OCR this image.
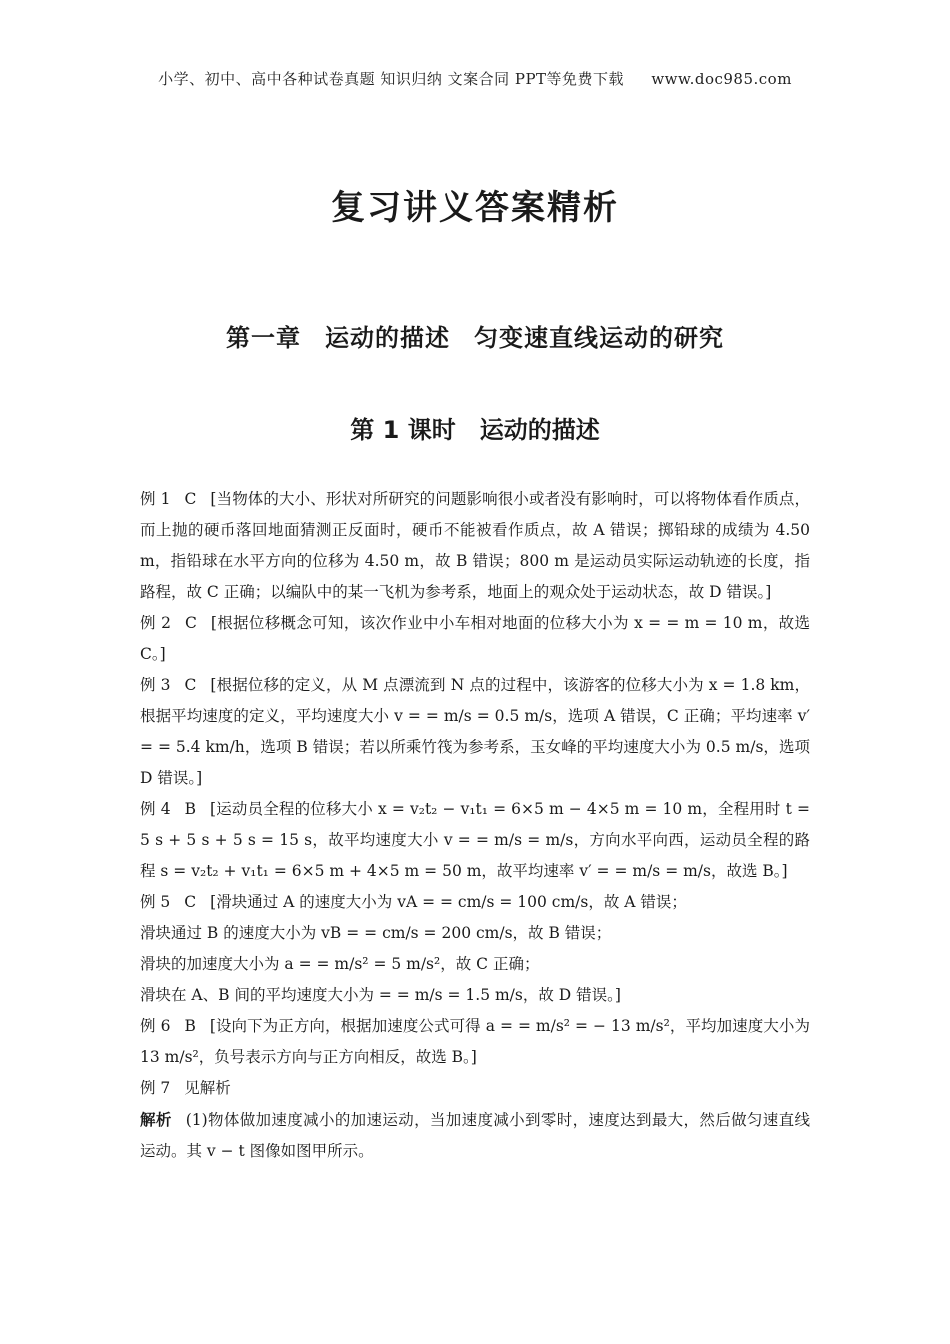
小学、初中、高中各种试卷真题 知识归纳 文案合同 PPT等免费下载 www.doc985.com
复习讲义答案精析
第一章 运动的描述 匀变速直线运动的研究
第 1 课时 运动的描述

例 1 C [当物体的大小、形状对所研究的问题影响很小或者没有影响时，可以将物体看作质点，而上抛的硬币落回地面猜测正反面时，硬币不能被看作质点，故 A 错误；掷铅球的成绩为 4.50 m，指铅球在水平方向的位移为 4.50 m，故 B 错误；800 m 是运动员实际运动轨迹的长度，指路程，故 C 正确；以编队中的某一飞机为参考系，地面上的观众处于运动状态，故 D 错误。]

例 2 C [根据位移概念可知，该次作业中小车相对地面的位移大小为 x = = m = 10 m，故选 C。]

例 3 C [根据位移的定义，从 M 点漂流到 N 点的过程中，该游客的位移大小为 x = 1.8 km，根据平均速度的定义，平均速度大小 v = = m/s = 0.5 m/s，选项 A 错误，C 正确；平均速率 v′ = = 5.4 km/h，选项 B 错误；若以所乘竹筏为参考系，玉女峰的平均速度大小为 0.5 m/s，选项 D 错误。]

例 4 B [运动员全程的位移大小 x = v₂t₂ − v₁t₁ = 6×5 m − 4×5 m = 10 m，全程用时 t = 5 s + 5 s + 5 s = 15 s，故平均速度大小 v = = m/s = m/s，方向水平向西，运动员全程的路程 s = v₂t₂ + v₁t₁ = 6×5 m + 4×5 m = 50 m，故平均速率 v′ = = m/s = m/s，故选 B。]

例 5 C [滑块通过 A 的速度大小为 vA = = cm/s = 100 cm/s，故 A 错误；

滑块通过 B 的速度大小为 vB = = cm/s = 200 cm/s，故 B 错误；

滑块的加速度大小为 a = = m/s² = 5 m/s²，故 C 正确；

滑块在 A、B 间的平均速度大小为 = = m/s = 1.5 m/s，故 D 错误。]

例 6 B [设向下为正方向，根据加速度公式可得 a = = m/s² = − 13 m/s²，平均加速度大小为 13 m/s²，负号表示方向与正方向相反，故选 B。]

例 7 见解析

解析 (1)物体做加速度减小的加速运动，当加速度减小到零时，速度达到最大，然后做匀速直线运动。其 v − t 图像如图甲所示。
